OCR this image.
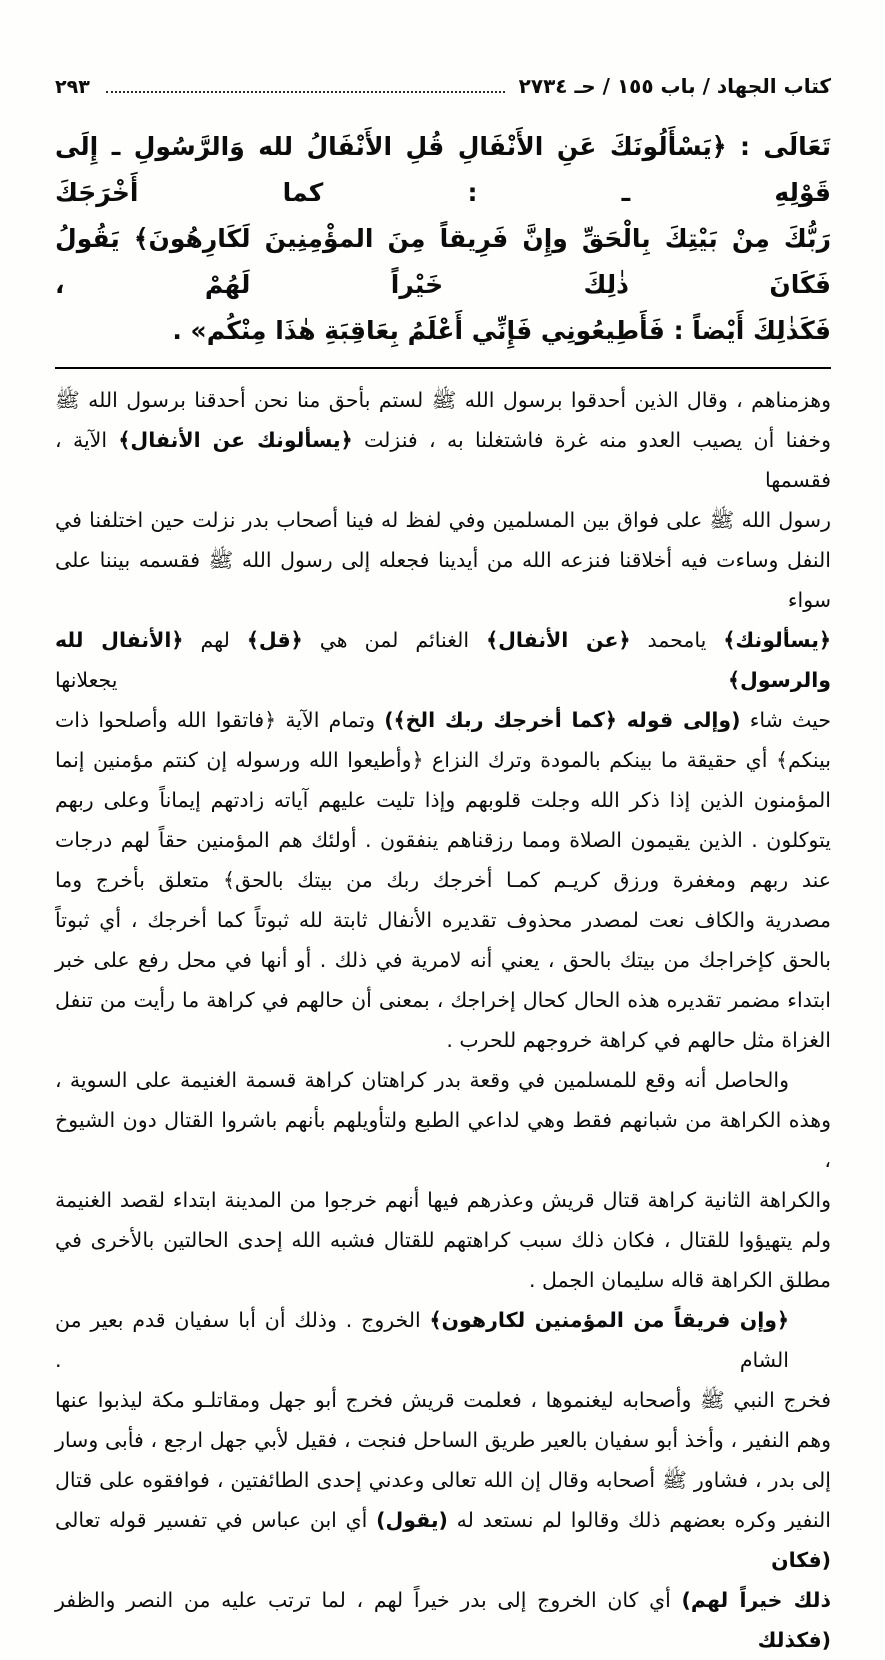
كتاب الجهاد / باب ١٥٥ / حـ ٢٧٣٤
٢٩٣
تَعَالَى : ﴿يَسْأَلُونَكَ عَنِ الأَنْفَالِ قُلِ الأَنْفَالُ لله وَالرَّسُولِ ـ إِلَى قَوْلِهِ ـ : كما أَخْرَجَكَ
رَبُّكَ مِنْ بَيْتِكَ بِالْحَقِّ وإِنَّ فَرِيقاً مِنَ المؤْمِنِينَ لَكَارِهُونَ﴾ يَقُولُ فَكَانَ ذٰلِكَ خَيْراً لَهُمْ ،
فَكَذٰلِكَ أَيْضاً : فَأَطِيعُونِي فَإِنِّي أَعْلَمُ بِعَاقِبَةِ هٰذَا مِنْكُم» .
وهزمناهم ، وقال الذين أحدقوا برسول الله ﷺ لستم بأحق منا نحن أحدقنا برسول الله ﷺ
وخفنا أن يصيب العدو منه غرة فاشتغلنا به ، فنزلت ﴿يسألونك عن الأنفال﴾ الآية ، فقسمها
رسول الله ﷺ على فواق بين المسلمين وفي لفظ له فينا أصحاب بدر نزلت حين اختلفنا في
النفل وساءت فيه أخلاقنا فنزعه الله من أيدينا فجعله إلى رسول الله ﷺ فقسمه بيننا على سواء
﴿يسألونك﴾ يامحمد ﴿عن الأنفال﴾ الغنائم لمن هي ﴿قل﴾ لهم ﴿الأنفال لله والرسول﴾ يجعلانها
حيث شاء (وإلى قوله ﴿كما أخرجك ربك الخ﴾) وتمام الآية ﴿فاتقوا الله وأصلحوا ذات
بينكم﴾ أي حقيقة ما بينكم بالمودة وترك النزاع ﴿وأطيعوا الله ورسوله إن كنتم مؤمنين إنما
المؤمنون الذين إذا ذكر الله وجلت قلوبهم وإذا تليت عليهم آياته زادتهم إيماناً وعلى ربهم
يتوكلون . الذين يقيمون الصلاة ومما رزقناهم ينفقون . أولئك هم المؤمنين حقاً لهم درجات
عند ربهم ومغفرة ورزق كريـم كمـا أخرجك ربك من بيتك بالحق﴾ متعلق بأخرج وما
مصدرية والكاف نعت لمصدر محذوف تقديره الأنفال ثابتة لله ثبوتاً كما أخرجك ، أي ثبوتاً
بالحق كإخراجك من بيتك بالحق ، يعني أنه لامرية في ذلك . أو أنها في محل رفع على خبر
ابتداء مضمر تقديره هذه الحال كحال إخراجك ، بمعنى أن حالهم في كراهة ما رأيت من تنفل
الغزاة مثل حالهم في كراهة خروجهم للحرب .
والحاصل أنه وقع للمسلمين في وقعة بدر كراهتان كراهة قسمة الغنيمة على السوية ،
وهذه الكراهة من شبانهم فقط وهي لداعي الطبع ولتأويلهم بأنهم باشروا القتال دون الشيوخ ،
والكراهة الثانية كراهة قتال قريش وعذرهم فيها أنهم خرجوا من المدينة ابتداء لقصد الغنيمة
ولم يتهيؤوا للقتال ، فكان ذلك سبب كراهتهم للقتال فشبه الله إحدى الحالتين بالأخرى في
مطلق الكراهة قاله سليمان الجمل .
﴿وإن فريقاً من المؤمنين لكارهون﴾ الخروج . وذلك أن أبا سفيان قدم بعير من الشام .
فخرج النبي ﷺ وأصحابه ليغنموها ، فعلمت قريش فخرج أبو جهل ومقاتلـو مكة ليذبوا عنها
وهم النفير ، وأخذ أبو سفيان بالعير طريق الساحل فنجت ، فقيل لأبي جهل ارجع ، فأبى وسار
إلى بدر ، فشاور ﷺ أصحابه وقال إن الله تعالى وعدني إحدى الطائفتين ، فوافقوه على قتال
النفير وكره بعضهم ذلك وقالوا لم نستعد له (يقول) أي ابن عباس في تفسير قوله تعالى (فكان
ذلك خيراً لهم) أي كان الخروج إلى بدر خيراً لهم ، لما ترتب عليه من النصر والظفر (فكذلك
